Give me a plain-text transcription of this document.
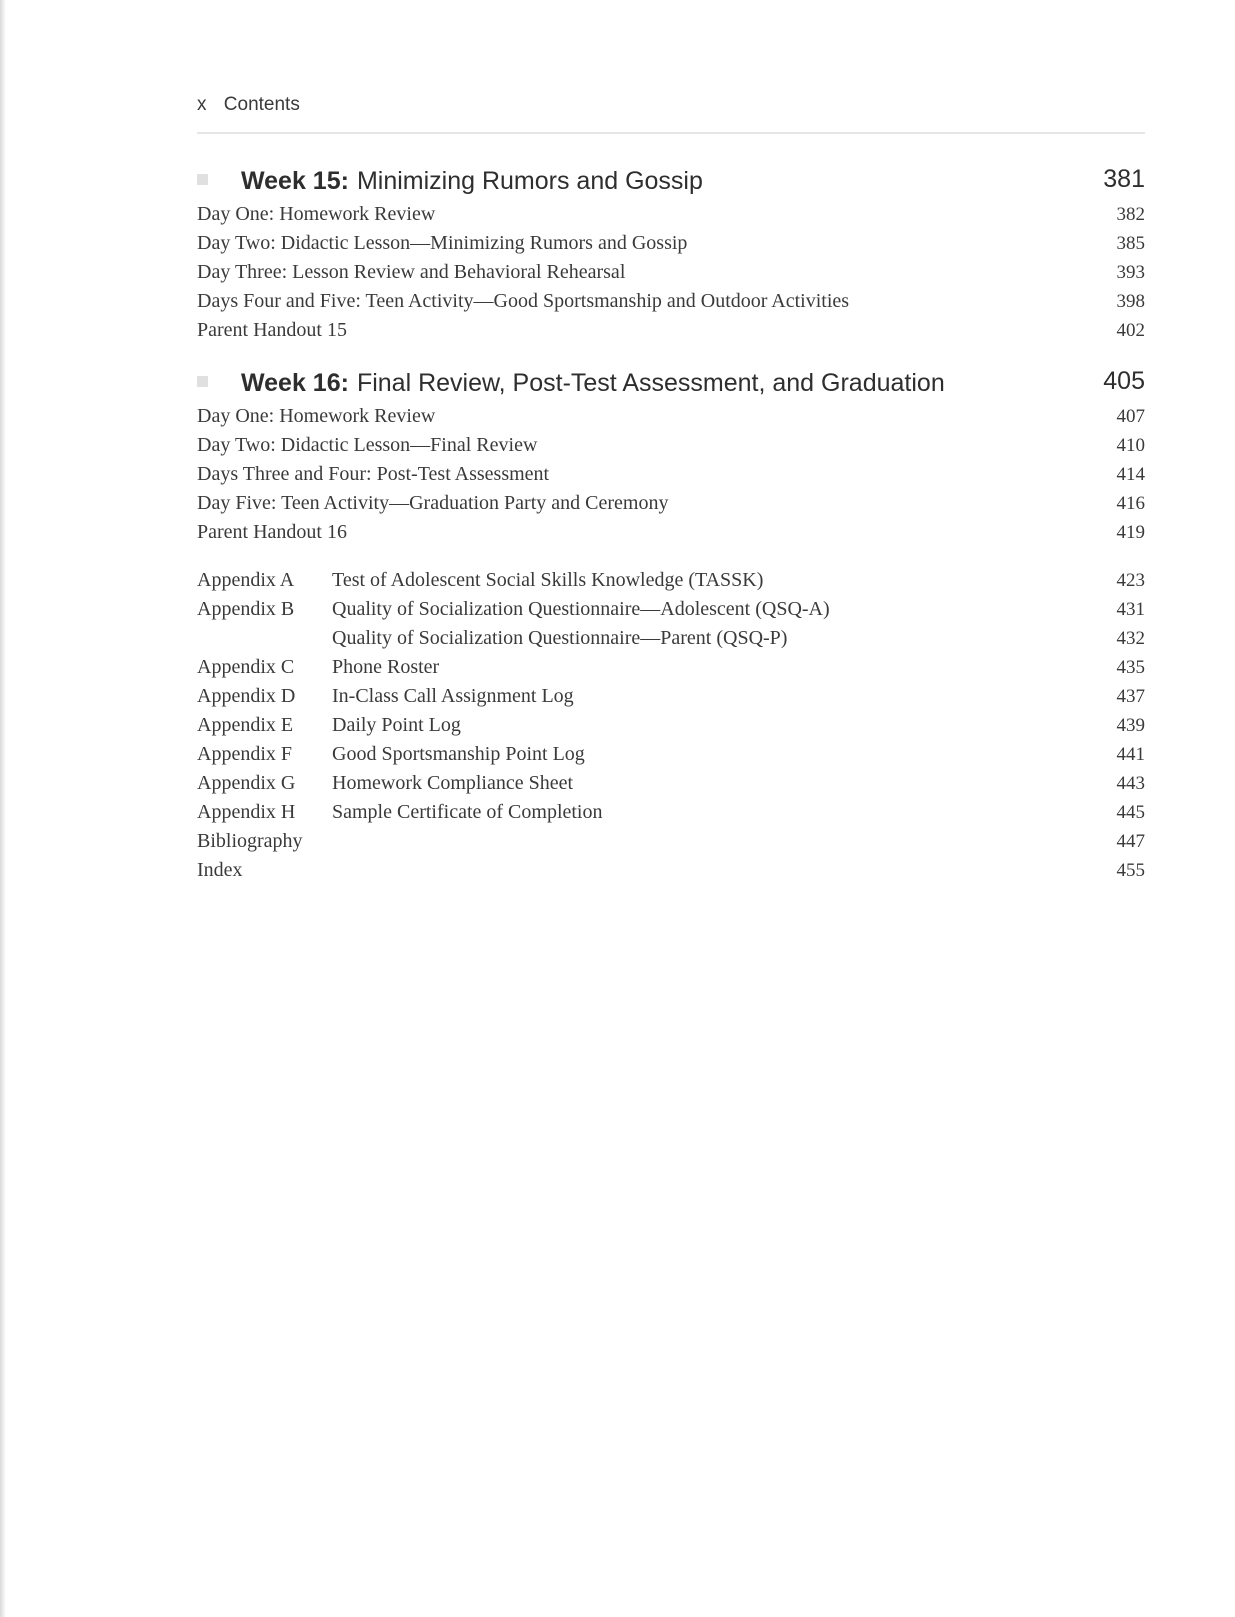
x Contents
Week 15: Minimizing Rumors and Gossip	381
Day One: Homework Review	382
Day Two: Didactic Lesson—Minimizing Rumors and Gossip	385
Day Three: Lesson Review and Behavioral Rehearsal	393
Days Four and Five: Teen Activity—Good Sportsmanship and Outdoor Activities	398
Parent Handout 15	402
Week 16: Final Review, Post-Test Assessment, and Graduation	405
Day One: Homework Review	407
Day Two: Didactic Lesson—Final Review	410
Days Three and Four: Post-Test Assessment	414
Day Five: Teen Activity—Graduation Party and Ceremony	416
Parent Handout 16	419
Appendix A	Test of Adolescent Social Skills Knowledge (TASSK)	423
Appendix B	Quality of Socialization Questionnaire—Adolescent (QSQ-A)	431
Quality of Socialization Questionnaire—Parent (QSQ-P)	432
Appendix C	Phone Roster	435
Appendix D	In-Class Call Assignment Log	437
Appendix E	Daily Point Log	439
Appendix F	Good Sportsmanship Point Log	441
Appendix G	Homework Compliance Sheet	443
Appendix H	Sample Certificate of Completion	445
Bibliography	447
Index	455
